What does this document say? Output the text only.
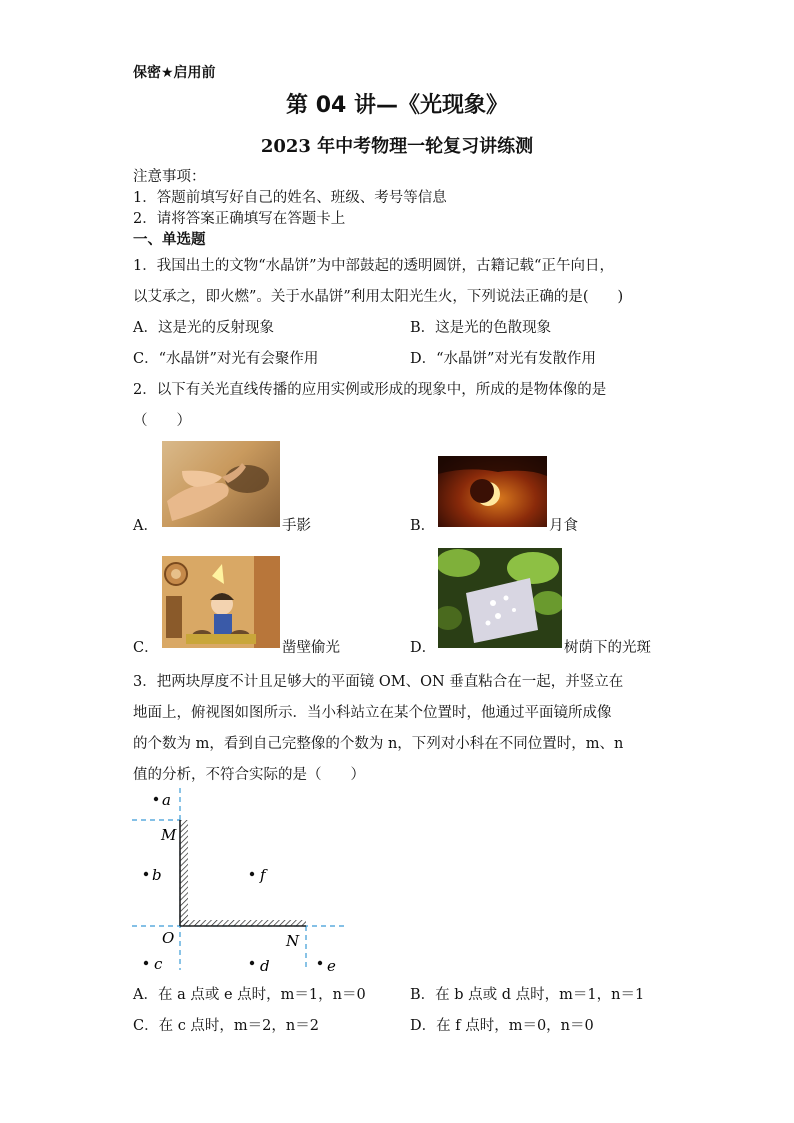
保密★启用前
第 04 讲—《光现象》
2023 年中考物理一轮复习讲练测
注意事项：
1．答题前填写好自己的姓名、班级、考号等信息
2．请将答案正确填写在答题卡上
一、单选题
1．我国出土的文物“水晶饼”为中部鼓起的透明圆饼，古籍记载“正午向日，
以艾承之，即火燃”。关于水晶饼”利用太阳光生火，下列说法正确的是(　　)
A．这是光的反射现象	B．这是光的色散现象
C．“水晶饼”对光有会聚作用	D．“水晶饼”对光有发散作用
2．以下有关光直线传播的应用实例或形成的现象中，所成的是物体像的是
（　　）
A．	手影	B．	月食
C．	凿壁偷光	D．	树荫下的光斑
3．把两块厚度不计且足够大的平面镜 OM、ON 垂直粘合在一起，并竖立在
地面上，俯视图如图所示．当小科站立在某个位置时，他通过平面镜所成像
的个数为 m，看到自己完整像的个数为 n，下列对小科在不同位置时，m、n
值的分析，不符合实际的是（　　）
a
M
b	f
O	N
c	d	e
A．在 a 点或 e 点时，m＝1，n＝0	B．在 b 点或 d 点时，m＝1，n＝1
C．在 c 点时，m＝2，n＝2	D．在 f 点时，m＝0，n＝0
